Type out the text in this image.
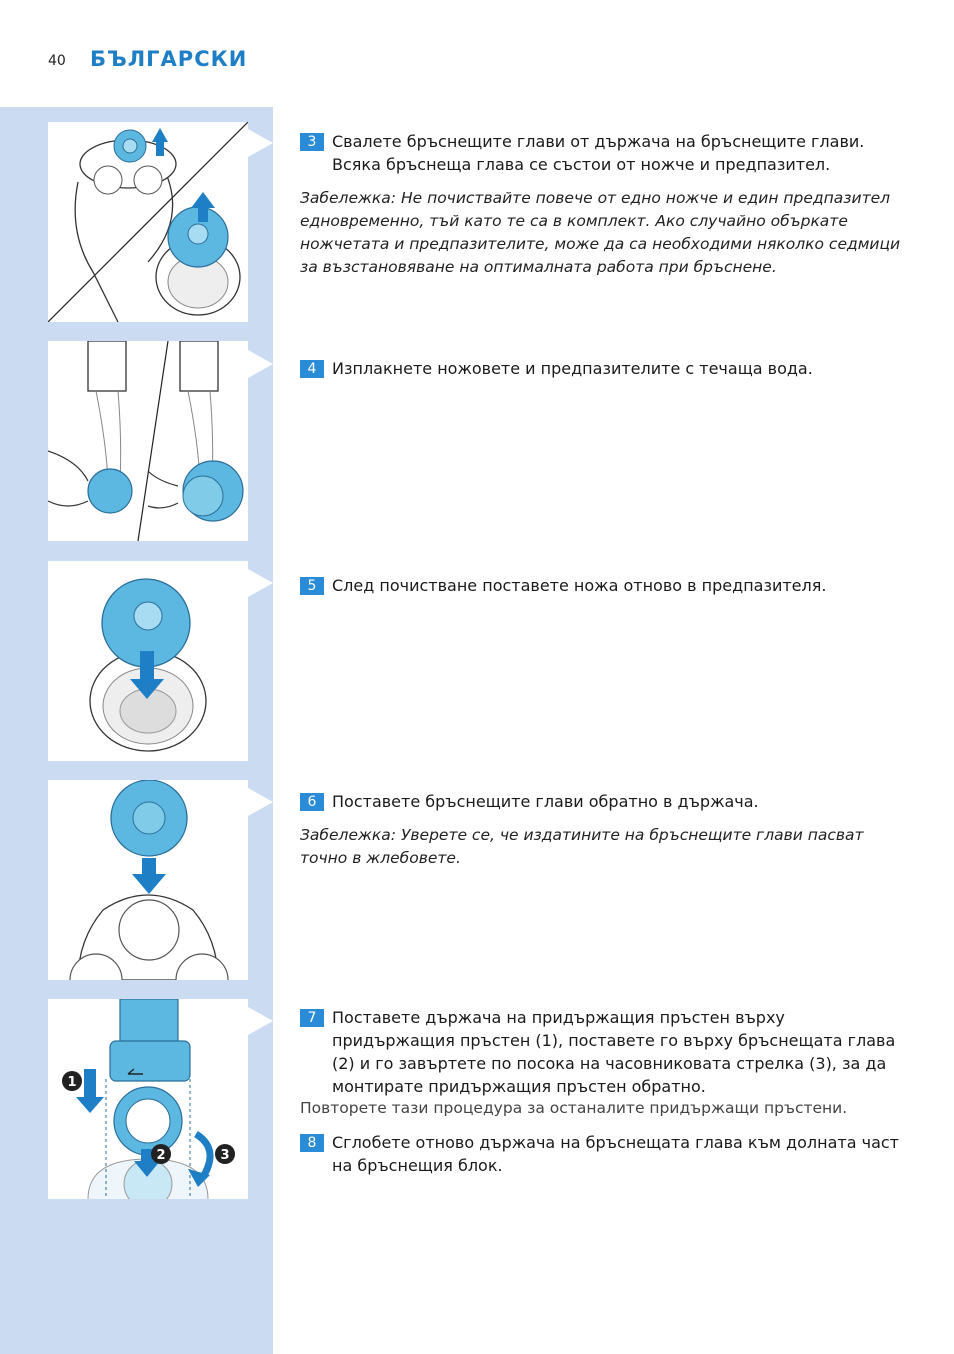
40 БЪЛГАРСКИ
1
2	3
3 Свалете бръснещите глави от държача на бръснещите глави. Всяка бръснеща глава се състои от ножче и предпазител.
Забележка: Не почиствайте повече от едно ножче и един предпазител едновременно, тъй като те са в комплект. Ако случайно объркате ножчетата и предпазителите, може да са необходими няколко седмици за възстановяване на оптималната работа при бръснене.
4 Изплакнете ножовете и предпазителите с течаща вода.
5 След почистване поставете ножа отново в предпазителя.
6 Поставете бръснещите глави обратно в държача.
Забележка: Уверете се, че издатините на бръснещите глави пасват точно в жлебовете.
7 Поставете държача на придържащия пръстен върху придържащия пръстен (1), поставете го върху бръснещата глава (2) и го завъртете по посока на часовниковата стрелка (3), за да монтирате придържащия пръстен обратно.
Повторете тази процедура за останалите придържащи пръстени.
8 Сглобете отново държача на бръснещата глава към долната част на бръснещия блок.
